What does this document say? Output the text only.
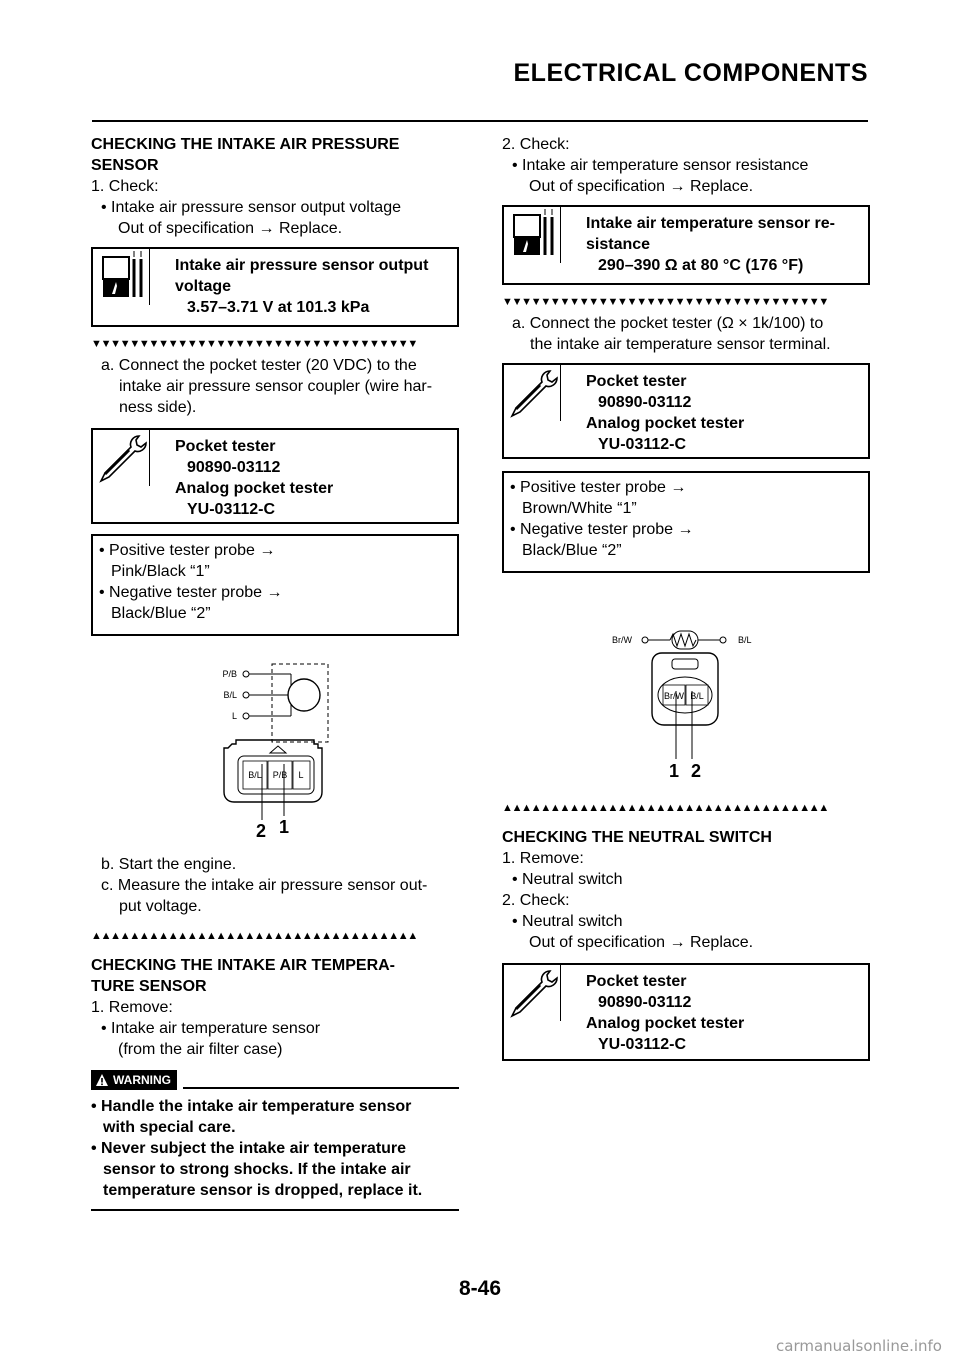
ELECTRICAL COMPONENTS
CHECKING THE INTAKE AIR PRESSURE
SENSOR
1. Check:
• Intake air pressure sensor output voltage
Out of specification → Replace.
Intake air pressure sensor output
voltage
3.57–3.71 V at 101.3 kPa
▼▼▼▼▼▼▼▼▼▼▼▼▼▼▼▼▼▼▼▼▼▼▼▼▼▼▼▼▼▼▼▼▼▼
a. Connect the pocket tester (20 VDC) to the
intake air pressure sensor coupler (wire har-
ness side).
Pocket tester
90890-03112
Analog pocket tester
YU-03112-C
• Positive tester probe →
Pink/Black “1”
• Negative tester probe →
Black/Blue “2”
P/B
B/L
L
B/L P/B L
2 1
b. Start the engine.
c. Measure the intake air pressure sensor out-
put voltage.
▲▲▲▲▲▲▲▲▲▲▲▲▲▲▲▲▲▲▲▲▲▲▲▲▲▲▲▲▲▲▲▲▲▲
CHECKING THE INTAKE AIR TEMPERA-
TURE SENSOR
1. Remove:
• Intake air temperature sensor
(from the air filter case)
WARNING
• Handle the intake air temperature sensor
with special care.
• Never subject the intake air temperature
sensor to strong shocks. If the intake air
temperature sensor is dropped, replace it.
2. Check:
• Intake air temperature sensor resistance
Out of specification → Replace.
Intake air temperature sensor re-
sistance
290–390 Ω at 80 °C (176 °F)
▼▼▼▼▼▼▼▼▼▼▼▼▼▼▼▼▼▼▼▼▼▼▼▼▼▼▼▼▼▼▼▼▼▼
a. Connect the pocket tester (Ω × 1k/100) to
the intake air temperature sensor terminal.
Pocket tester
90890-03112
Analog pocket tester
YU-03112-C
• Positive tester probe →
Brown/White “1”
• Negative tester probe →
Black/Blue “2”
Br/W	B/L
Br/W B/L
1 2
▲▲▲▲▲▲▲▲▲▲▲▲▲▲▲▲▲▲▲▲▲▲▲▲▲▲▲▲▲▲▲▲▲▲
CHECKING THE NEUTRAL SWITCH
1. Remove:
• Neutral switch
2. Check:
• Neutral switch
Out of specification → Replace.
Pocket tester
90890-03112
Analog pocket tester
YU-03112-C
8-46
carmanualsonline.info
